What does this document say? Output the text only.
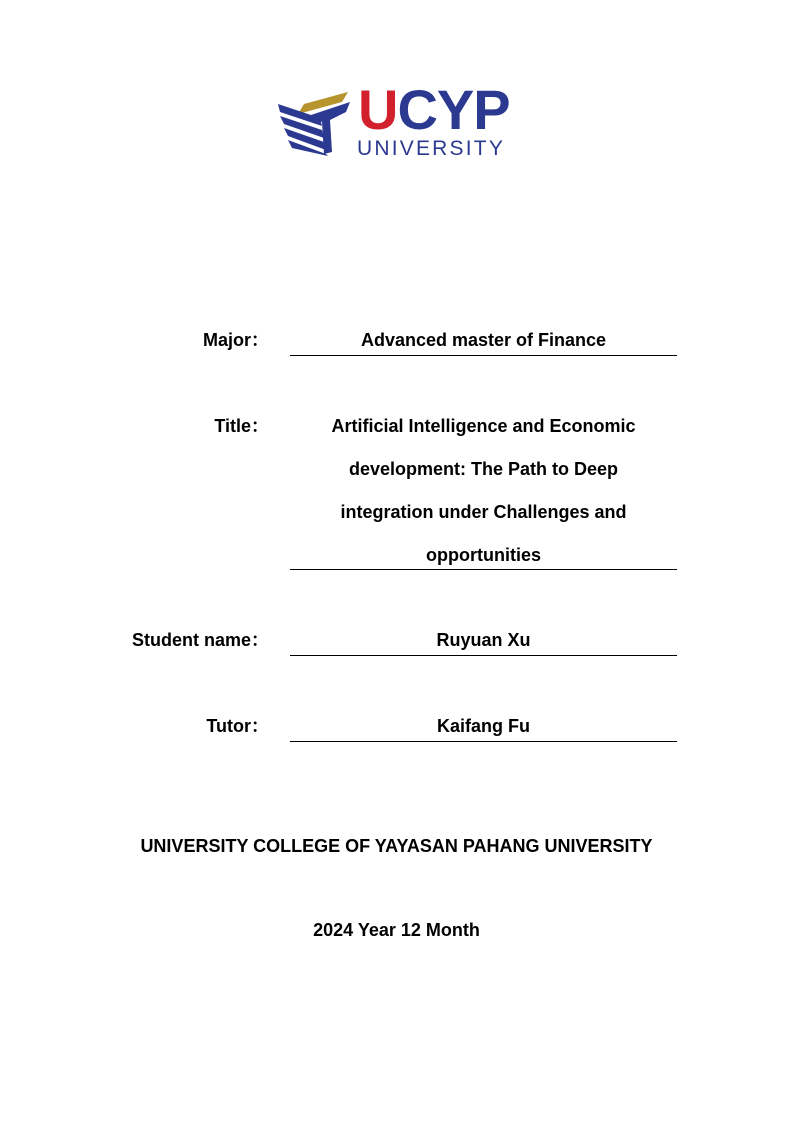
UCYP
UNIVERSITY
Major：	Advanced master of Finance
Title：	Artificial Intelligence and Economic
development: The Path to Deep
integration under Challenges and
opportunities
Student name：	Ruyuan Xu
Tutor：	Kaifang Fu
UNIVERSITY COLLEGE OF YAYASAN PAHANG UNIVERSITY
2024 Year 12 Month
